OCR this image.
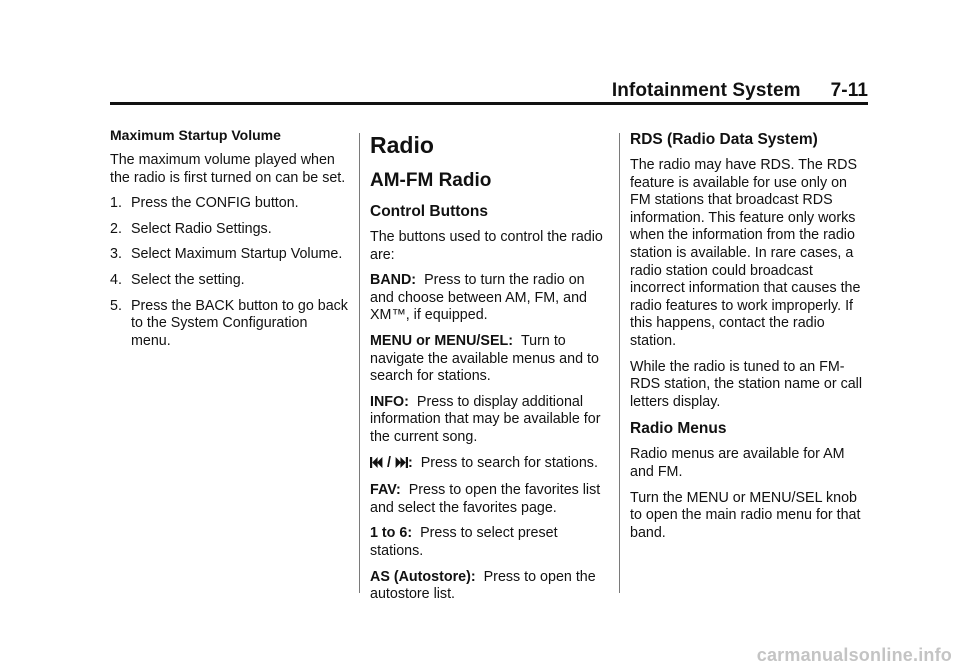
Infotainment System 7-11
Maximum Startup Volume

The maximum volume played when the radio is first turned on can be set.

1. Press the CONFIG button.
2. Select Radio Settings.
3. Select Maximum Startup Volume.
4. Select the setting.
5. Press the BACK button to go back to the System Configuration menu.
Radio
AM-FM Radio
Control Buttons

The buttons used to control the radio are:

BAND: Press to turn the radio on and choose between AM, FM, and XM™, if equipped.

MENU or MENU/SEL: Turn to navigate the available menus and to search for stations.

INFO: Press to display additional information that may be available for the current song.

/ : Press to search for stations.

FAV: Press to open the favorites list and select the favorites page.

1 to 6: Press to select preset stations.

AS (Autostore): Press to open the autostore list.

RDS (Radio Data System)

The radio may have RDS. The RDS feature is available for use only on FM stations that broadcast RDS information. This feature only works when the information from the radio station is available. In rare cases, a radio station could broadcast incorrect information that causes the radio features to work improperly. If this happens, contact the radio station.

While the radio is tuned to an FM-RDS station, the station name or call letters display.

Radio Menus

Radio menus are available for AM and FM.

Turn the MENU or MENU/SEL knob to open the main radio menu for that band.

carmanualsonline.info
